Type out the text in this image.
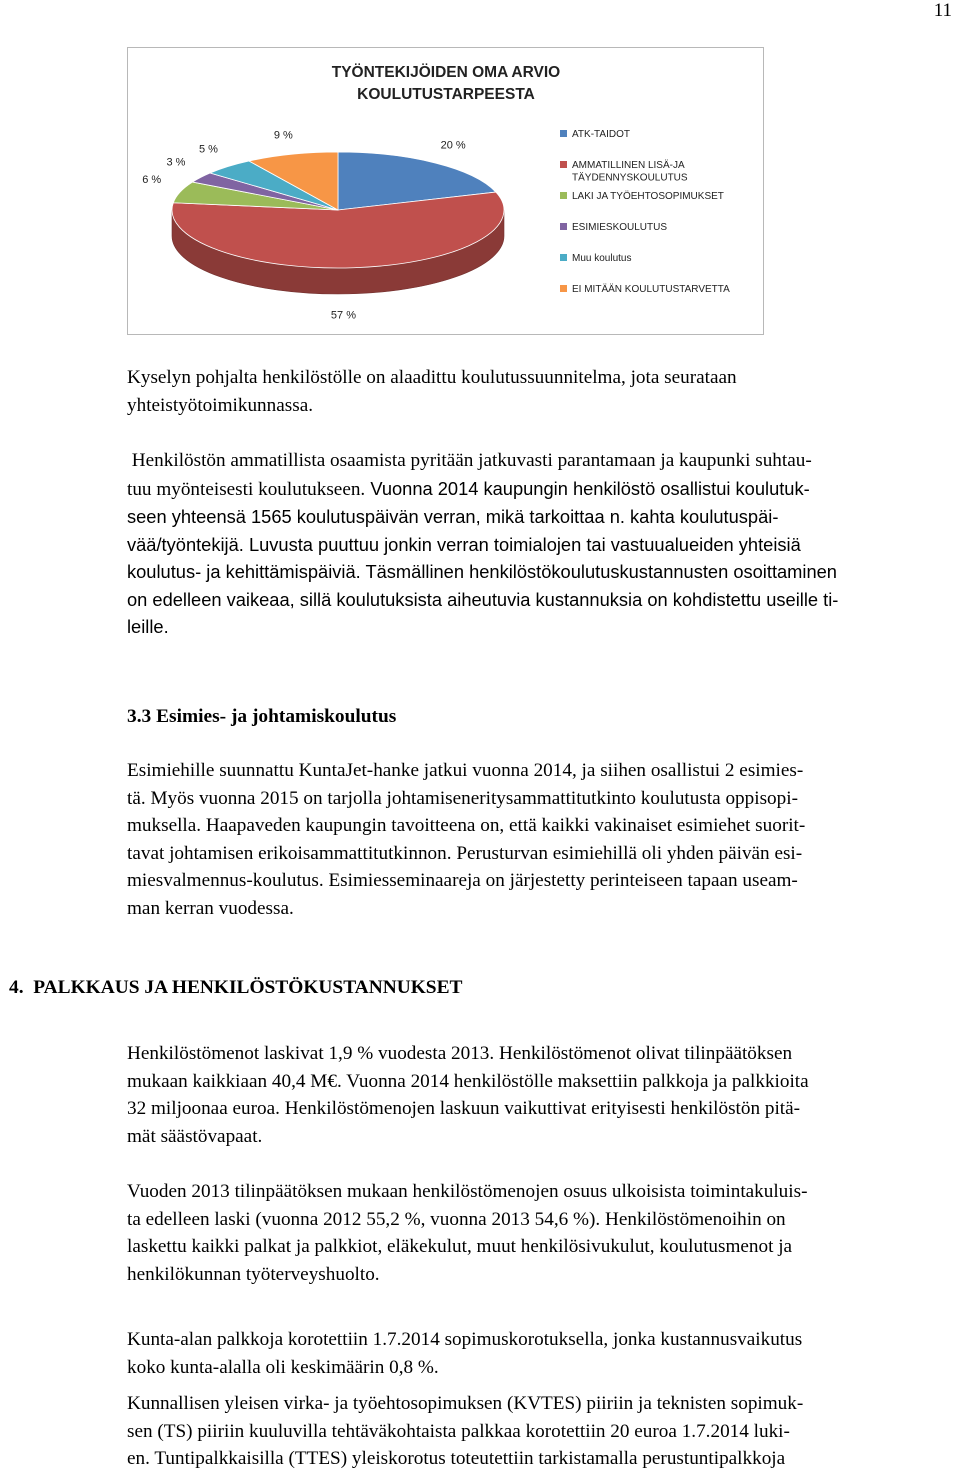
11
TYÖNTEKIJÖIDEN OMA ARVIO
KOULUTUSTARPEESTA
20 %
57 %
6 %
3 %
5 %
9 %	ATK-TAIDOT
AMMATILLINEN LISÄ-JA
TÄYDENNYSKOULUTUS
LAKI JA TYÖEHTOSOPIMUKSET
ESIMIESKOULUTUS
Muu koulutus
EI MITÄÄN KOULUTUSTARVETTA

Kyselyn pohjalta henkilöstölle on alaadittu koulutussuunnitelma, jota seurataan
yhteistyötoimikunnassa.

Henkilöstön ammatillista osaamista pyritään jatkuvasti parantamaan ja kaupunki suhtau-
tuu myönteisesti koulutukseen. Vuonna 2014 kaupungin henkilöstö osallistui koulutuk-
seen yhteensä 1565 koulutuspäivän verran, mikä tarkoittaa n. kahta koulutuspäi-
vää/työntekijä. Luvusta puuttuu jonkin verran toimialojen tai vastuualueiden yhteisiä
koulutus- ja kehittämispäiviä. Täsmällinen henkilöstökoulutuskustannusten osoittaminen
on edelleen vaikeaa, sillä koulutuksista aiheutuvia kustannuksia on kohdistettu useille ti-
leille.

3.3 Esimies- ja johtamiskoulutus

Esimiehille suunnattu KuntaJet-hanke jatkui vuonna 2014, ja siihen osallistui 2 esimies-
tä. Myös vuonna 2015 on tarjolla johtamiseneritysammattitutkinto koulutusta oppisopi-
muksella. Haapaveden kaupungin tavoitteena on, että kaikki vakinaiset esimiehet suorit-
tavat johtamisen erikoisammattitutkinnon. Perusturvan esimiehillä oli yhden päivän esi-
miesvalmennus-koulutus. Esimiesseminaareja on järjestetty perinteiseen tapaan useam-
man kerran vuodessa.

4.  PALKKAUS JA HENKILÖSTÖKUSTANNUKSET

Henkilöstömenot laskivat 1,9 % vuodesta 2013. Henkilöstömenot olivat tilinpäätöksen
mukaan kaikkiaan 40,4 M€. Vuonna 2014 henkilöstölle maksettiin palkkoja ja palkkioita
32 miljoonaa euroa. Henkilöstömenojen laskuun vaikuttivat erityisesti henkilöstön pitä-
mät säästövapaat.

Vuoden 2013 tilinpäätöksen mukaan henkilöstömenojen osuus ulkoisista toimintakuluis-
ta edelleen laski (vuonna 2012 55,2 %, vuonna 2013 54,6 %). Henkilöstömenoihin on
laskettu kaikki palkat ja palkkiot, eläkekulut, muut henkilösivukulut, koulutusmenot ja
henkilökunnan työterveyshuolto.

Kunta-alan palkkoja korotettiin 1.7.2014 sopimuskorotuksella, jonka kustannusvaikutus
koko kunta-alalla oli keskimäärin 0,8 %.

Kunnallisen yleisen virka- ja työehtosopimuksen (KVTES) piiriin ja teknisten sopimuk-
sen (TS) piiriin kuuluvilla tehtäväkohtaista palkkaa korotettiin 20 euroa 1.7.2014 luki-
en. Tuntipalkkaisilla (TTES) yleiskorotus toteutettiin tarkistamalla perustuntipalkkoja
